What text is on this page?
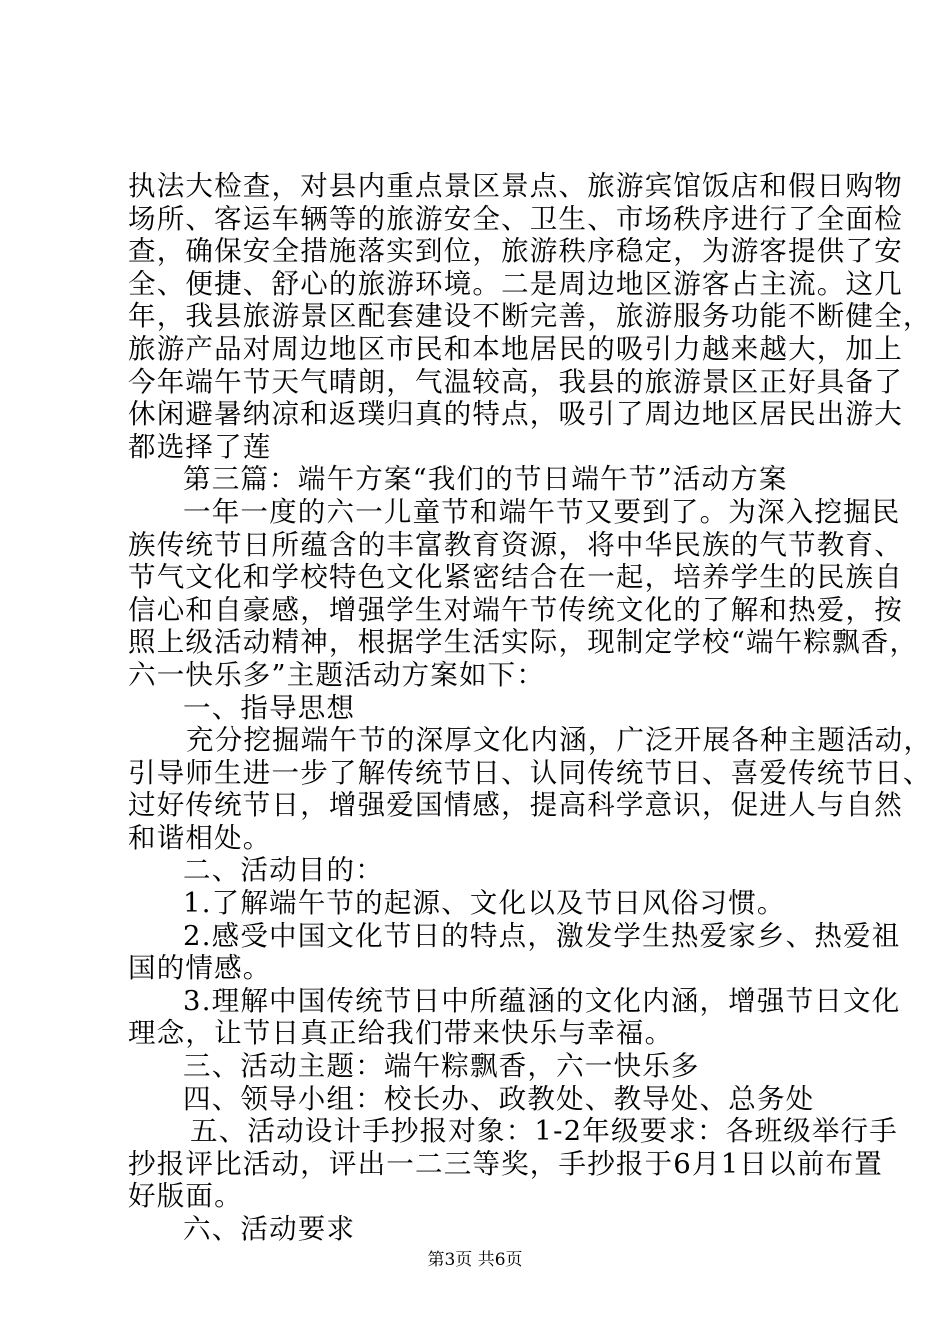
执法大检查，对县内重点景区景点、旅游宾馆饭店和假日购物
场所、客运车辆等的旅游安全、卫生、市场秩序进行了全面检
查，确保安全措施落实到位，旅游秩序稳定，为游客提供了安
全、便捷、舒心的旅游环境。二是周边地区游客占主流。这几
年，我县旅游景区配套建设不断完善，旅游服务功能不断健全，
旅游产品对周边地区市民和本地居民的吸引力越来越大，加上
今年端午节天气晴朗，气温较高，我县的旅游景区正好具备了
休闲避暑纳凉和返璞归真的特点，吸引了周边地区居民出游大
都选择了莲
第三篇：端午方案“我们的节日端午节”活动方案
一年一度的六一儿童节和端午节又要到了。为深入挖掘民
族传统节日所蕴含的丰富教育资源，将中华民族的气节教育、
节气文化和学校特色文化紧密结合在一起，培养学生的民族自
信心和自豪感，增强学生对端午节传统文化的了解和热爱，按
照上级活动精神，根据学生活实际，现制定学校“端午粽飘香，
六一快乐多”主题活动方案如下：
一、指导思想
充分挖掘端午节的深厚文化内涵，广泛开展各种主题活动，
引导师生进一步了解传统节日、认同传统节日、喜爱传统节日、
过好传统节日，增强爱国情感，提高科学意识，促进人与自然
和谐相处。
二、活动目的：
1.了解端午节的起源、文化以及节日风俗习惯。
2.感受中国文化节日的特点，激发学生热爱家乡、热爱祖
国的情感。
3.理解中国传统节日中所蕴涵的文化内涵，增强节日文化
理念，让节日真正给我们带来快乐与幸福。
三、活动主题：端午粽飘香，六一快乐多
四、领导小组：校长办、政教处、教导处、总务处
五、活动设计手抄报对象：1-2年级要求：各班级举行手
抄报评比活动，评出一二三等奖，手抄报于6月1日以前布置
好版面。
六、活动要求
第3页 共6页
